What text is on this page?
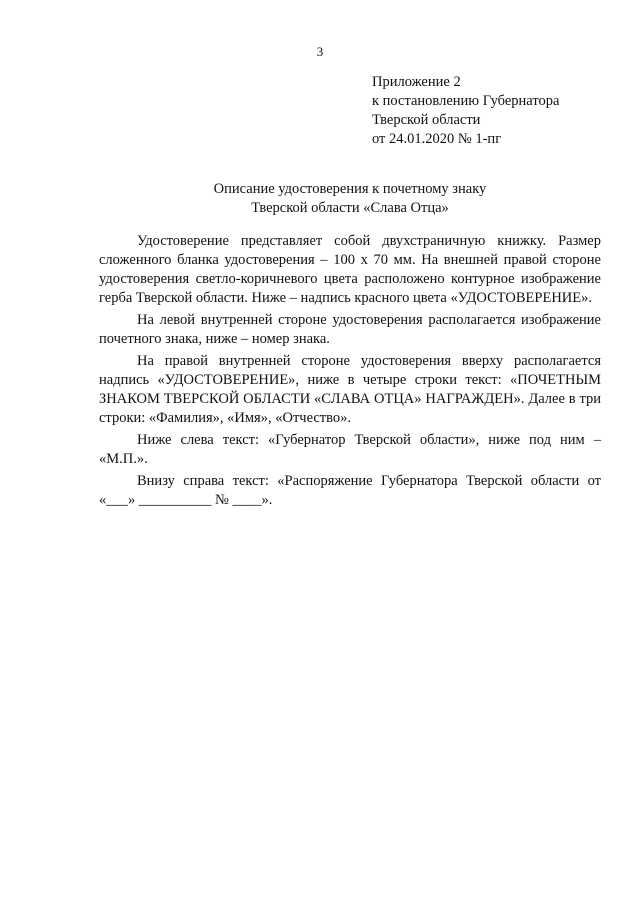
3
Приложение 2
к постановлению Губернатора
Тверской области
от 24.01.2020 № 1-пг
Описание удостоверения к почетному знаку
Тверской области «Слава Отца»

Удостоверение представляет собой двухстраничную книжку. Размер сложенного бланка удостоверения – 100 х 70 мм. На внешней правой стороне удостоверения светло-коричневого цвета расположено контурное изображение герба Тверской области. Ниже – надпись красного цвета «УДОСТОВЕРЕНИЕ».

На левой внутренней стороне удостоверения располагается изображение почетного знака, ниже – номер знака.

На правой внутренней стороне удостоверения вверху располагается надпись «УДОСТОВЕРЕНИЕ», ниже в четыре строки текст: «ПОЧЕТНЫМ ЗНАКОМ ТВЕРСКОЙ ОБЛАСТИ «СЛАВА ОТЦА» НАГРАЖДЕН». Далее в три строки: «Фамилия», «Имя», «Отчество».

Ниже слева текст: «Губернатор Тверской области», ниже под ним – «М.П.».

Внизу справа текст: «Распоряжение Губернатора Тверской области от «___» __________ № ____».
